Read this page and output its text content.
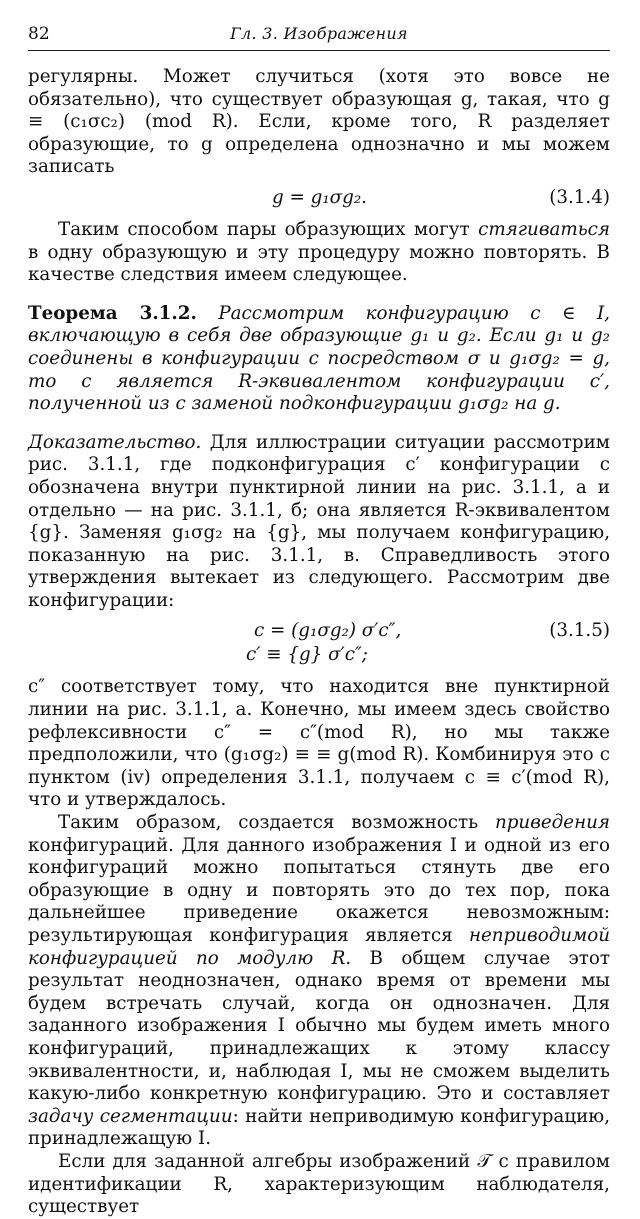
82	Гл. 3. Изображения

регулярны. Может случиться (хотя это вовсе не обязательно), что существует образующая g, такая, что g ≡ (c₁σc₂) (mod R). Если, кроме того, R разделяет образующие, то g определена однозначно и мы можем записать

g = g₁σg₂.	(3.1.4)

Таким способом пары образующих могут стягиваться в одну образующую и эту процедуру можно повторять. В качестве следствия имеем следующее.

Теорема 3.1.2. Рассмотрим конфигурацию c ∈ I, включающую в себя две образующие g₁ и g₂. Если g₁ и g₂ соединены в конфигурации c посредством σ и g₁σg₂ = g, то c является R-эквивалентом конфигурации c′, полученной из c заменой подконфигурации g₁σg₂ на g.

Доказательство. Для иллюстрации ситуации рассмотрим рис. 3.1.1, где подконфигурация c′ конфигурации c обозначена внутри пунктирной линии на рис. 3.1.1, а и отдельно — на рис. 3.1.1, б; она является R-эквивалентом {g}. Заменяя g₁σg₂ на {g}, мы получаем конфигурацию, показанную на рис. 3.1.1, в. Справедливость этого утверждения вытекает из следующего. Рассмотрим две конфигурации:

c = (g₁σg₂) σ′c″,	(3.1.5)
c′ ≡ {g} σ′c″;

c″ соответствует тому, что находится вне пунктирной линии на рис. 3.1.1, а. Конечно, мы имеем здесь свойство рефлексивности c″ = c″(mod R), но мы также предположили, что (g₁σg₂) ≡ ≡ g(mod R). Комбинируя это с пунктом (iv) определения 3.1.1, получаем c ≡ c′(mod R), что и утверждалось.

Таким образом, создается возможность приведения конфигураций. Для данного изображения I и одной из его конфигураций можно попытаться стянуть две его образующие в одну и повторять это до тех пор, пока дальнейшее приведение окажется невозможным: результирующая конфигурация является неприводимой конфигурацией по модулю R. В общем случае этот результат неоднозначен, однако время от времени мы будем встречать случай, когда он однозначен. Для заданного изображения I обычно мы будем иметь много конфигураций, принадлежащих к этому классу эквивалентности, и, наблюдая I, мы не сможем выделить какую-либо конкретную конфигурацию. Это и составляет задачу сегментации: найти неприводимую конфигурацию, принадлежащую I.

Если для заданной алгебры изображений 𝒯 с правилом идентификации R, характеризующим наблюдателя, существует
